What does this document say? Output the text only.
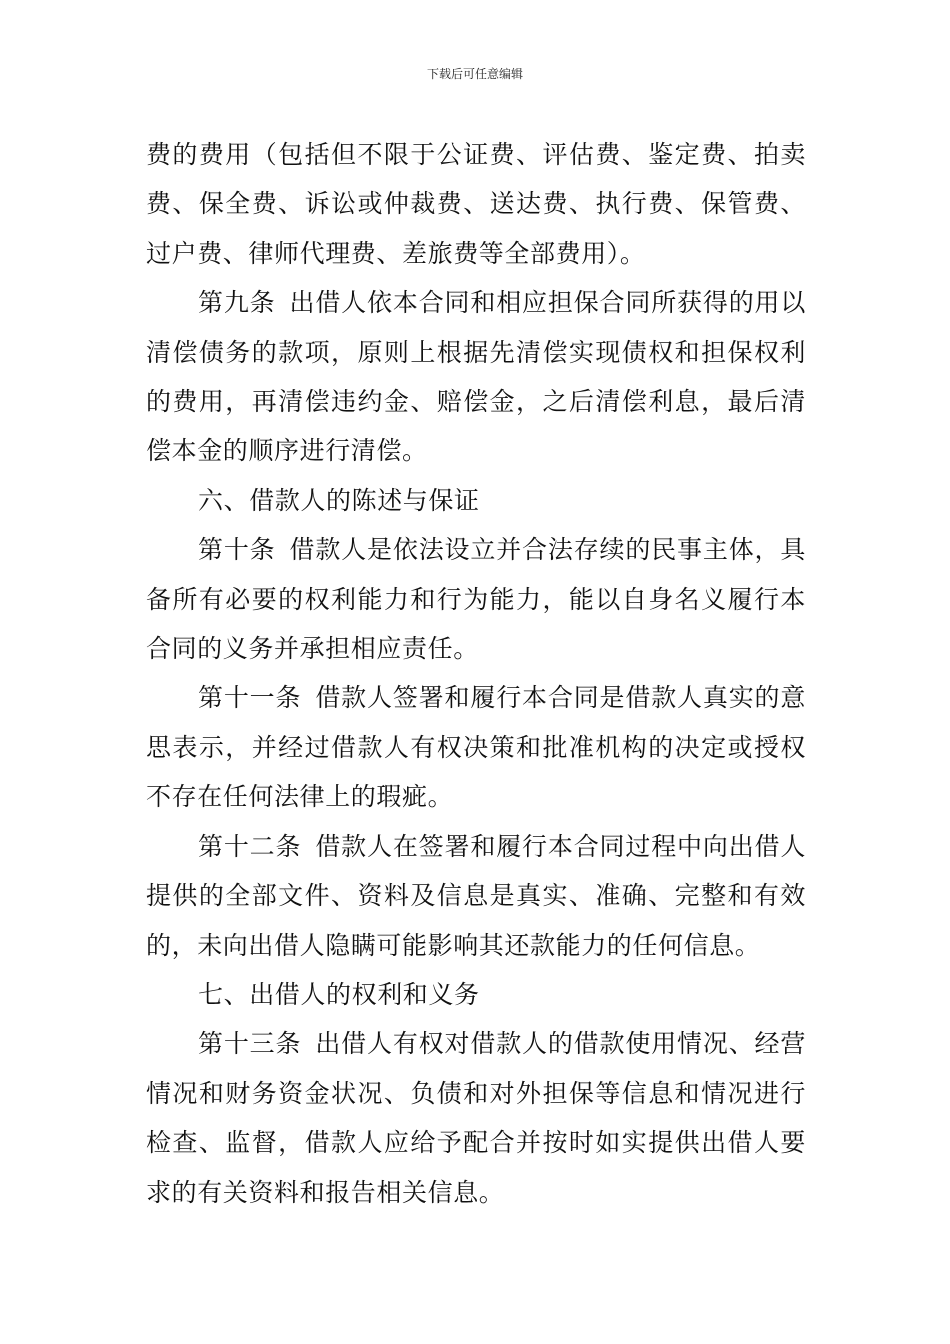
下载后可任意编辑

费的费用（包括但不限于公证费、评估费、鉴定费、拍卖费、保全费、诉讼或仲裁费、送达费、执行费、保管费、过户费、律师代理费、差旅费等全部费用）。

第九条 出借人依本合同和相应担保合同所获得的用以清偿债务的款项，原则上根据先清偿实现债权和担保权利的费用，再清偿违约金、赔偿金，之后清偿利息，最后清偿本金的顺序进行清偿。

六、借款人的陈述与保证

第十条 借款人是依法设立并合法存续的民事主体，具备所有必要的权利能力和行为能力，能以自身名义履行本合同的义务并承担相应责任。

第十一条 借款人签署和履行本合同是借款人真实的意思表示，并经过借款人有权决策和批准机构的决定或授权不存在任何法律上的瑕疵。

第十二条 借款人在签署和履行本合同过程中向出借人提供的全部文件、资料及信息是真实、准确、完整和有效的，未向出借人隐瞒可能影响其还款能力的任何信息。

七、出借人的权利和义务

第十三条 出借人有权对借款人的借款使用情况、经营情况和财务资金状况、负债和对外担保等信息和情况进行检查、监督，借款人应给予配合并按时如实提供出借人要求的有关资料和报告相关信息。
